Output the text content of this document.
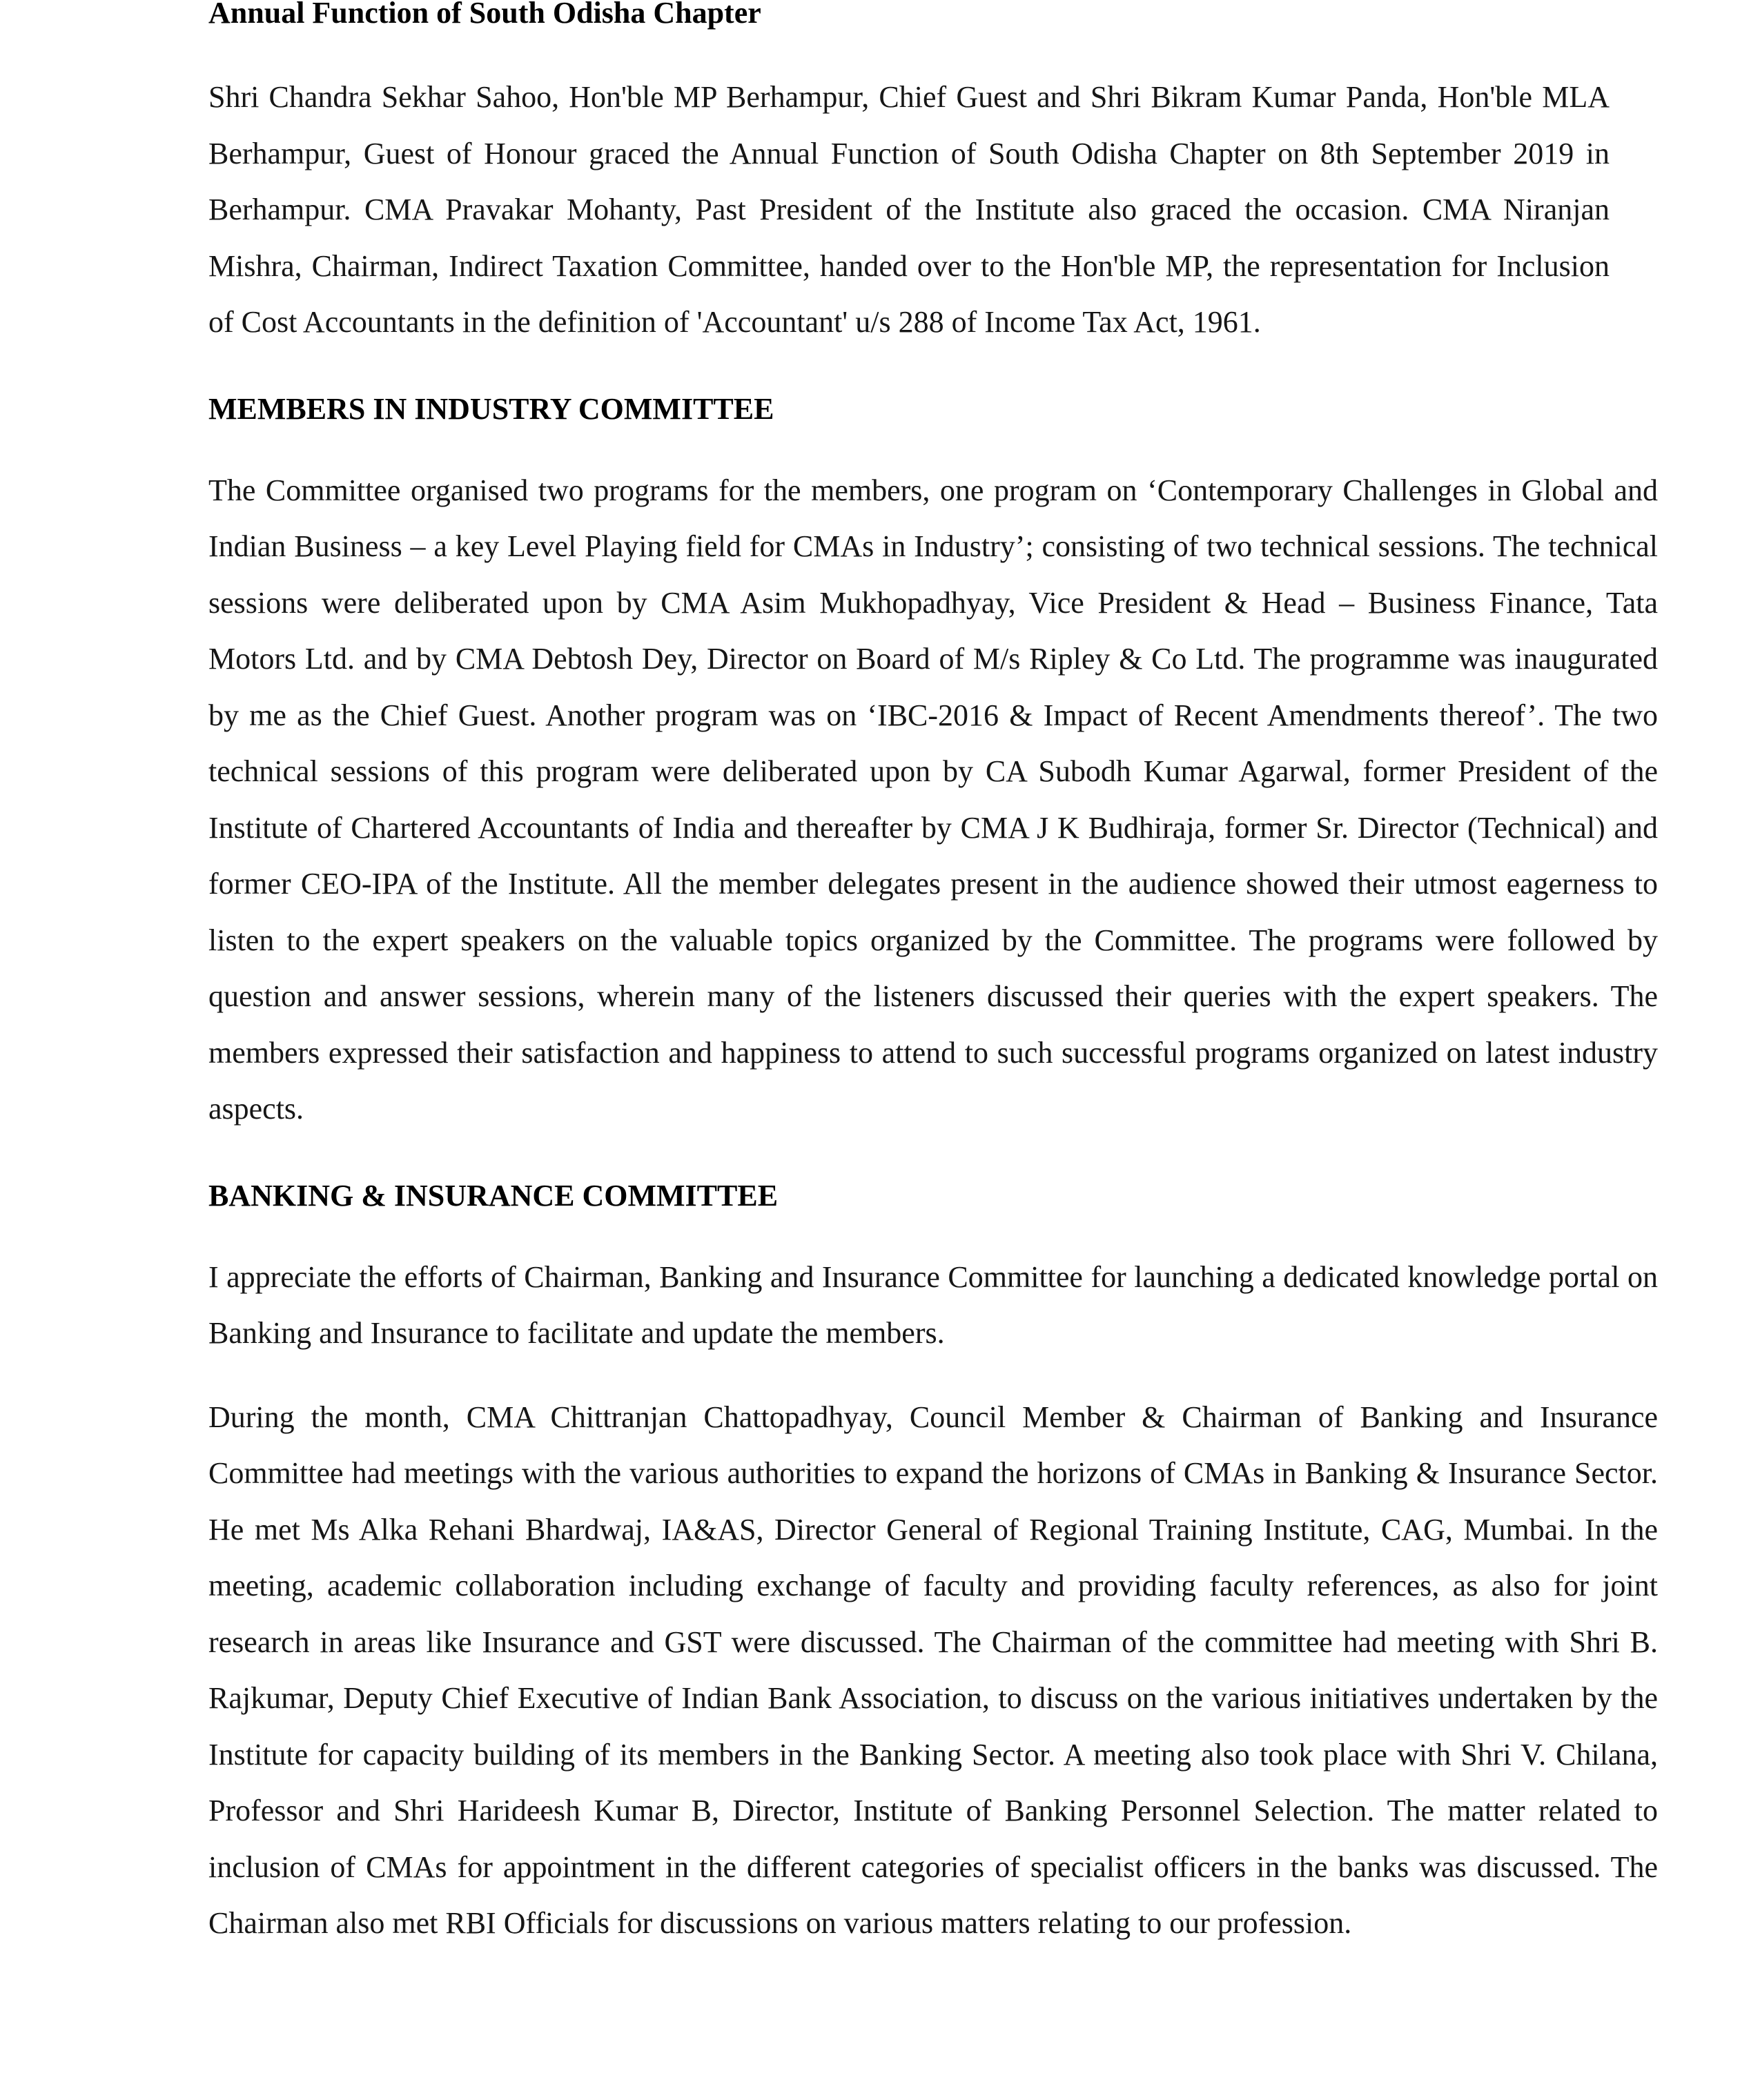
Annual Function of South Odisha Chapter

Shri Chandra Sekhar Sahoo, Hon'ble MP Berhampur, Chief Guest and Shri Bikram Kumar Panda, Hon'ble MLA Berhampur, Guest of Honour graced the Annual Function of South Odisha Chapter on 8th September 2019 in Berhampur. CMA Pravakar Mohanty, Past President of the Institute also graced the occasion. CMA Niranjan Mishra, Chairman, Indirect Taxation Committee, handed over to the Hon'ble MP, the representation for Inclusion of Cost Accountants in the definition of 'Accountant' u/s 288 of Income Tax Act, 1961.

MEMBERS IN INDUSTRY COMMITTEE

The Committee organised two programs for the members, one program on ‘Contemporary Challenges in Global and Indian Business – a key Level Playing field for CMAs in Industry’; consisting of two technical sessions. The technical sessions were deliberated upon by CMA Asim Mukhopadhyay, Vice President & Head – Business Finance, Tata Motors Ltd. and by CMA Debtosh Dey, Director on Board of M/s Ripley & Co Ltd. The programme was inaugurated by me as the Chief Guest. Another program was on ‘IBC-2016 & Impact of Recent Amendments thereof’. The two technical sessions of this program were deliberated upon by CA Subodh Kumar Agarwal, former President of the Institute of Chartered Accountants of India and thereafter by CMA J K Budhiraja, former Sr. Director (Technical) and former CEO-IPA of the Institute. All the member delegates present in the audience showed their utmost eagerness to listen to the expert speakers on the valuable topics organized by the Committee. The programs were followed by question and answer sessions, wherein many of the listeners discussed their queries with the expert speakers. The members expressed their satisfaction and happiness to attend to such successful programs organized on latest industry aspects.

BANKING & INSURANCE COMMITTEE

I appreciate the efforts of Chairman, Banking and Insurance Committee for launching a dedicated knowledge portal on Banking and Insurance to facilitate and update the members.

During the month, CMA Chittranjan Chattopadhyay, Council Member & Chairman of Banking and Insurance Committee had meetings with the various authorities to expand the horizons of CMAs in Banking & Insurance Sector. He met Ms Alka Rehani Bhardwaj, IA&AS, Director General of Regional Training Institute, CAG, Mumbai. In the meeting, academic collaboration including exchange of faculty and providing faculty references, as also for joint research in areas like Insurance and GST were discussed. The Chairman of the committee had meeting with Shri B. Rajkumar, Deputy Chief Executive of Indian Bank Association, to discuss on the various initiatives undertaken by the Institute for capacity building of its members in the Banking Sector. A meeting also took place with Shri V. Chilana, Professor and Shri Harideesh Kumar B, Director, Institute of Banking Personnel Selection. The matter related to inclusion of CMAs for appointment in the different categories of specialist officers in the banks was discussed. The Chairman also met RBI Officials for discussions on various matters relating to our profession.
